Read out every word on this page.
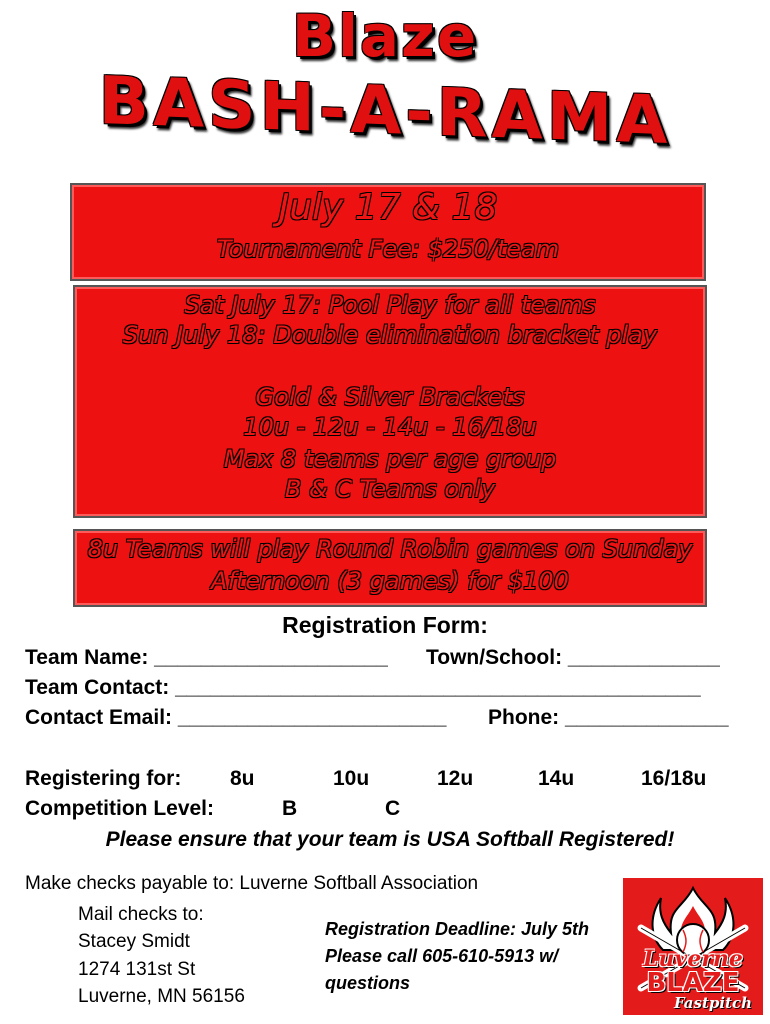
Blaze
BASH-A-RAMA
July 17 & 18
Tournament Fee: $250/team
Sat July 17: Pool Play for all teams
Sun July 18: Double elimination bracket play
Gold & Silver Brackets
10u - 12u - 14u - 16/18u
Max 8 teams per age group
B & C Teams only
8u Teams will play Round Robin games on Sunday
Afternoon (3 games) for $100
Registration Form:
Team Name: ____________________ Town/School: _____________
Team Contact: _____________________________________________
Contact Email: _______________________ Phone: ______________
Registering for: 8u	10u	12u	14u	16/18u
Competition Level:	B	C
Please ensure that your team is USA Softball Registered!
Make checks payable to: Luverne Softball Association
Mail checks to:
Stacey Smidt
1274 131st St
Luverne, MN 56156
Registration Deadline: July 5th
Please call 605-610-5913 w/
questions
Luverne
BLAZE
Fastpitch
